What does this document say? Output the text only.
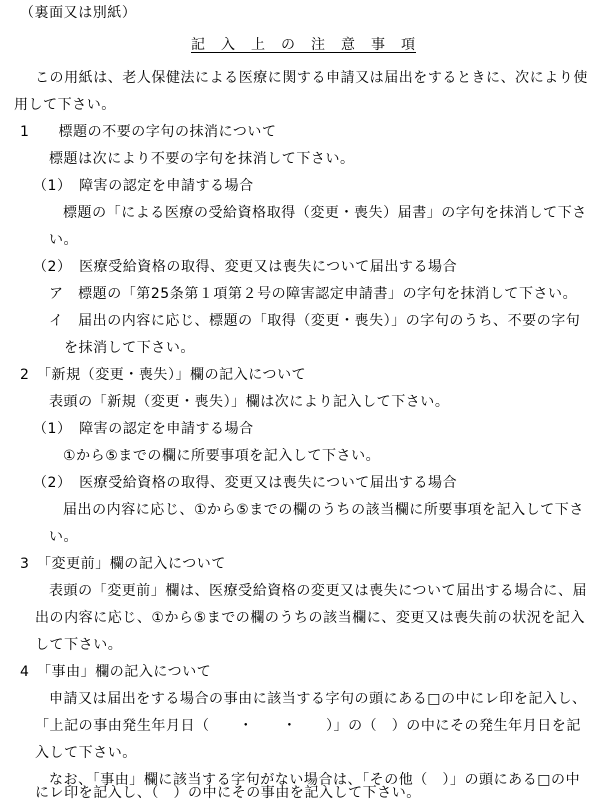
（裏面又は別紙）
記　入　上　の　注　意　事　項
この用紙は、老人保健法による医療に関する申請又は届出をするときに、次により使
用して下さい。
1　　標題の不要の字句の抹消について
標題は次により不要の字句を抹消して下さい。
（1）　障害の認定を申請する場合
標題の「による医療の受給資格取得（変更・喪失）届書」の字句を抹消して下さ
い。
（2）　医療受給資格の取得、変更又は喪失について届出する場合
ア　標題の「第25条第１項第２号の障害認定申請書」の字句を抹消して下さい。
イ　届出の内容に応じ、標題の「取得（変更・喪失）」の字句のうち、不要の字句
を抹消して下さい。
2　「新規（変更・喪失）」欄の記入について
表頭の「新規（変更・喪失）」欄は次により記入して下さい。
（1）　障害の認定を申請する場合
①から⑤までの欄に所要事項を記入して下さい。
（2）　医療受給資格の取得、変更又は喪失について届出する場合
届出の内容に応じ、①から⑤までの欄のうちの該当欄に所要事項を記入して下さ
い。
3　「変更前」欄の記入について
表頭の「変更前」欄は、医療受給資格の変更又は喪失について届出する場合に、届
出の内容に応じ、①から⑤までの欄のうちの該当欄に、変更又は喪失前の状況を記入
して下さい。
4　「事由」欄の記入について
申請又は届出をする場合の事由に該当する字句の頭にある□の中にレ印を記入し、
「上記の事由発生年月日（　　・　　・　　）」の（　）の中にその発生年月日を記
入して下さい。
なお、「事由」欄に該当する字句がない場合は、「その他（　）」の頭にある□の中
にレ印を記入し、（　）の中にその事由を記入して下さい。
